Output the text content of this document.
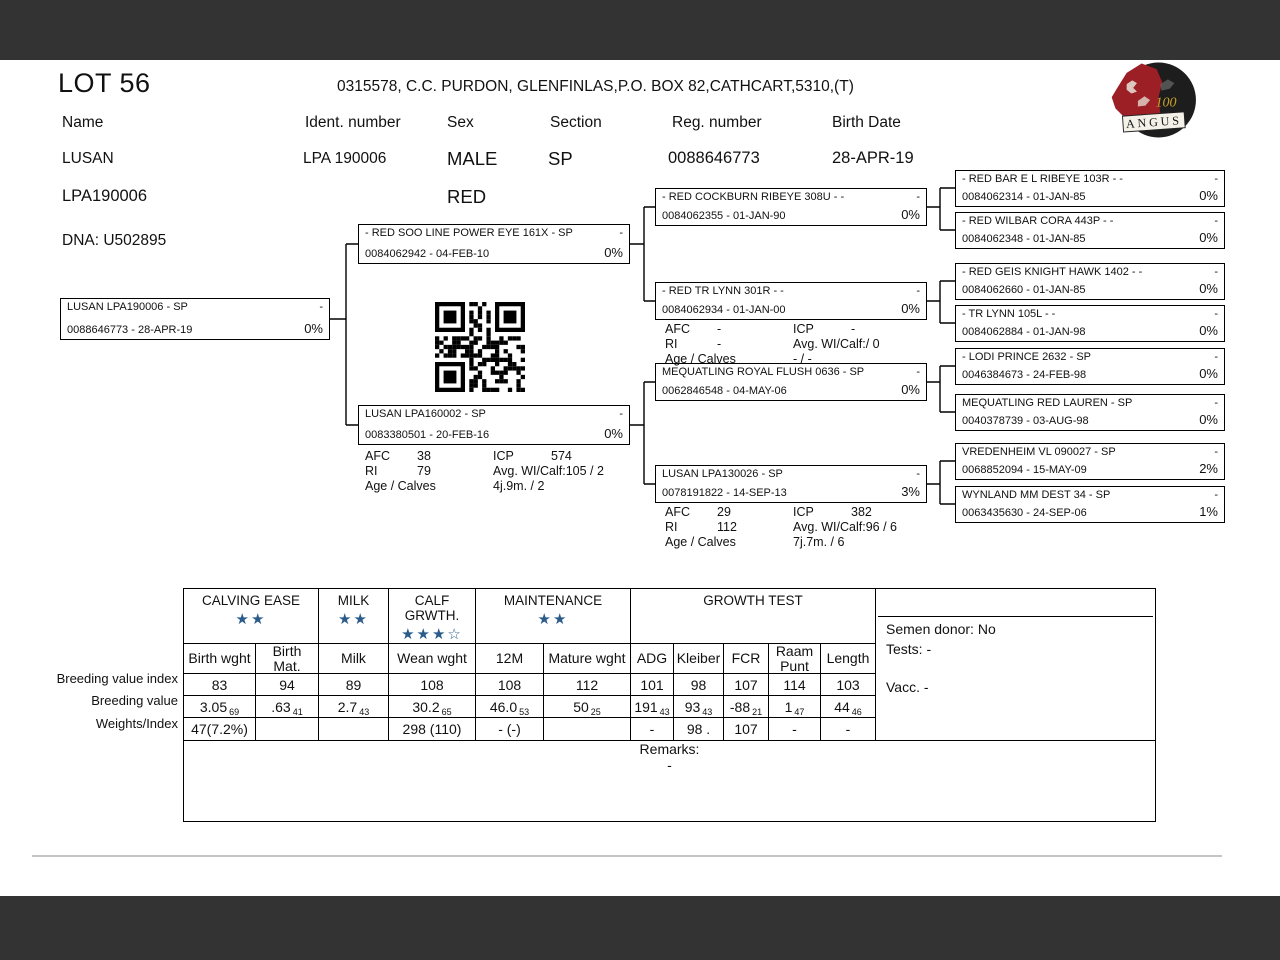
LOT 56	0315578, C.C. PURDON, GLENFINLAS,P.O. BOX 82,CATHCART,5310,(T)
Name	Ident. number	Sex	Section	Reg. number	Birth Date
LUSAN	LPA 190006	MALE	SP	0088646773	28-APR-19
LPA190006	RED
DNA: U502895
100
ANGUS
LUSAN LPA190006 - SP	-
0088646773 - 28-APR-19	0%
- RED SOO LINE POWER EYE 161X - SP	-
0084062942 - 04-FEB-10	0%
LUSAN LPA160002 - SP	-
0083380501 - 20-FEB-16	0%
- RED COCKBURN RIBEYE 308U - -	-
0084062355 - 01-JAN-90	0%
- RED TR LYNN 301R - -	-
0084062934 - 01-JAN-00	0%
MEQUATLING ROYAL FLUSH 0636 - SP	-
0062846548 - 04-MAY-06	0%
LUSAN LPA130026 - SP	-
0078191822 - 14-SEP-13	3%
- RED BAR E L RIBEYE 103R - -	-
0084062314 - 01-JAN-85	0%
- RED WILBAR CORA 443P - -	-
0084062348 - 01-JAN-85	0%
- RED GEIS KNIGHT HAWK 1402 - -	-
0084062660 - 01-JAN-85	0%
- TR LYNN 105L - -	-
0084062884 - 01-JAN-98	0%
- LODI PRINCE 2632 - SP	-
0046384673 - 24-FEB-98	0%
MEQUATLING RED LAUREN - SP	-
0040378739 - 03-AUG-98	0%
VREDENHEIM VL 090027 - SP	-
0068852094 - 15-MAY-09	2%
WYNLAND MM DEST 34 - SP	-
0063435630 - 24-SEP-06	1%
AFC	-	ICP	-
RI	-	Avg. WI/Calf: / 0
Age / Calves	- / -
AFC	38	ICP	574
RI	79	Avg. WI/Calf: 105 / 2
Age / Calves	4j.9m. / 2
AFC	29	ICP	382
RI	112	Avg. WI/Calf: 96 / 6
Age / Calves	7j.7m. / 6
Breeding value index
Breeding value
Weights/Index
CALVING EASE
★★

MILK
★★

CALF GRWTH.
★★★☆

MAINTENANCE
★★

GROWTH TEST

Semen donor: No
Tests: -
Vacc. -

Birth wght	Birth Mat.	Milk	Wean wght	12M	Mature wght	ADG	Kleiber	FCR	Raam Punt	Length	
83	94	89	108	108	112	101	98	107	114	103	
3.05 $_{69}$	.63 $_{41}$	2.7 $_{43}$	30.2 $_{65}$	46.0 $_{53}$	50 $_{25}$	191 $_{43}$	93 $_{43}$	-88 $_{21}$	1 $_{47}$	44 $_{46}$
47(7.2%)			298 (110)	- (-)		-	98 .	107	-	-	

Remarks:
-											
